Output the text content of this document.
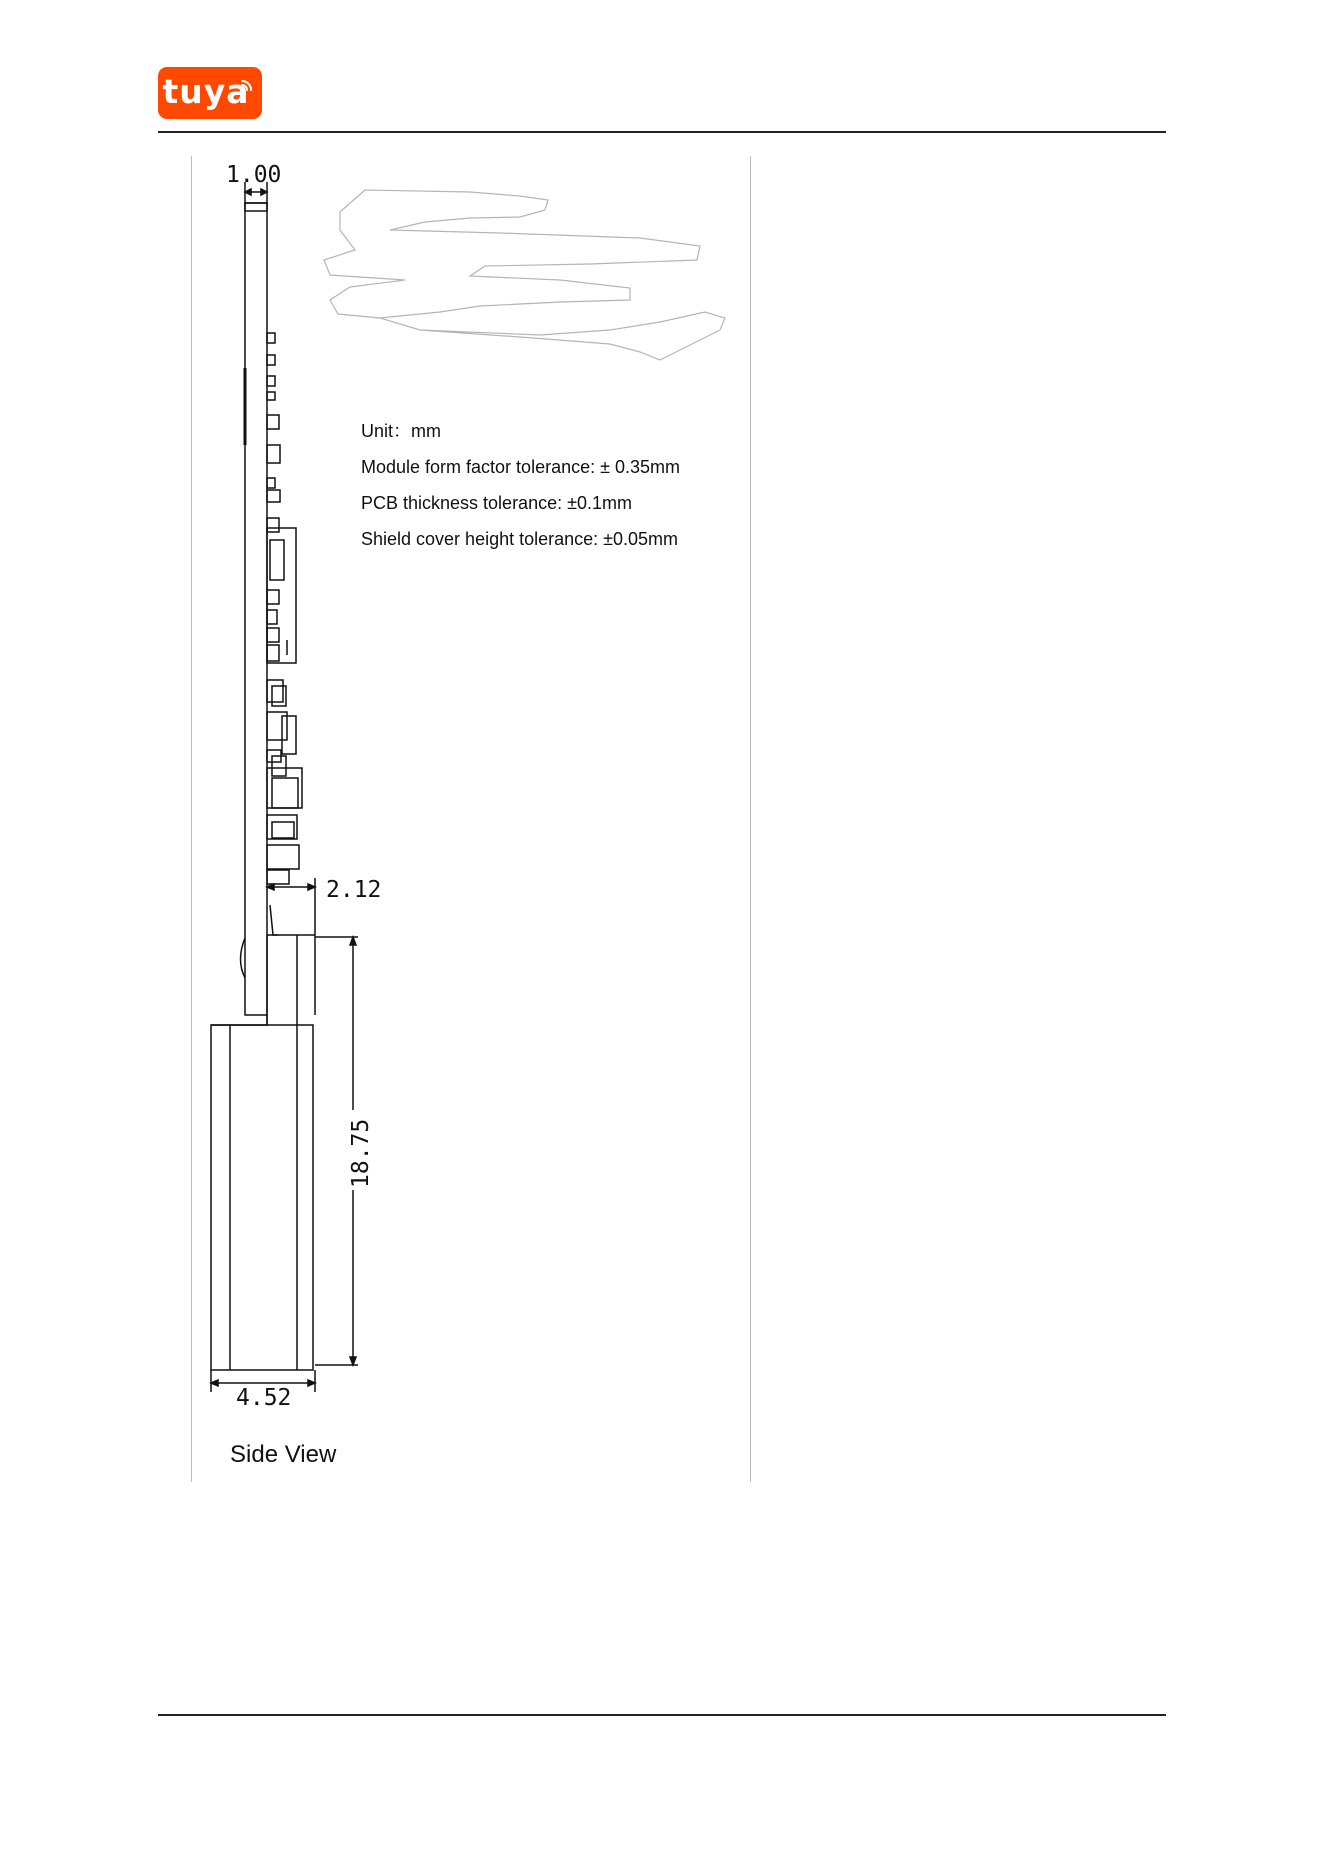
tuya
1.00
2.12
18.75
4.52
Unit：mm
Module form factor tolerance: ± 0.35mm
PCB thickness tolerance: ±0.1mm
Shield cover height tolerance: ±0.05mm
Side View
